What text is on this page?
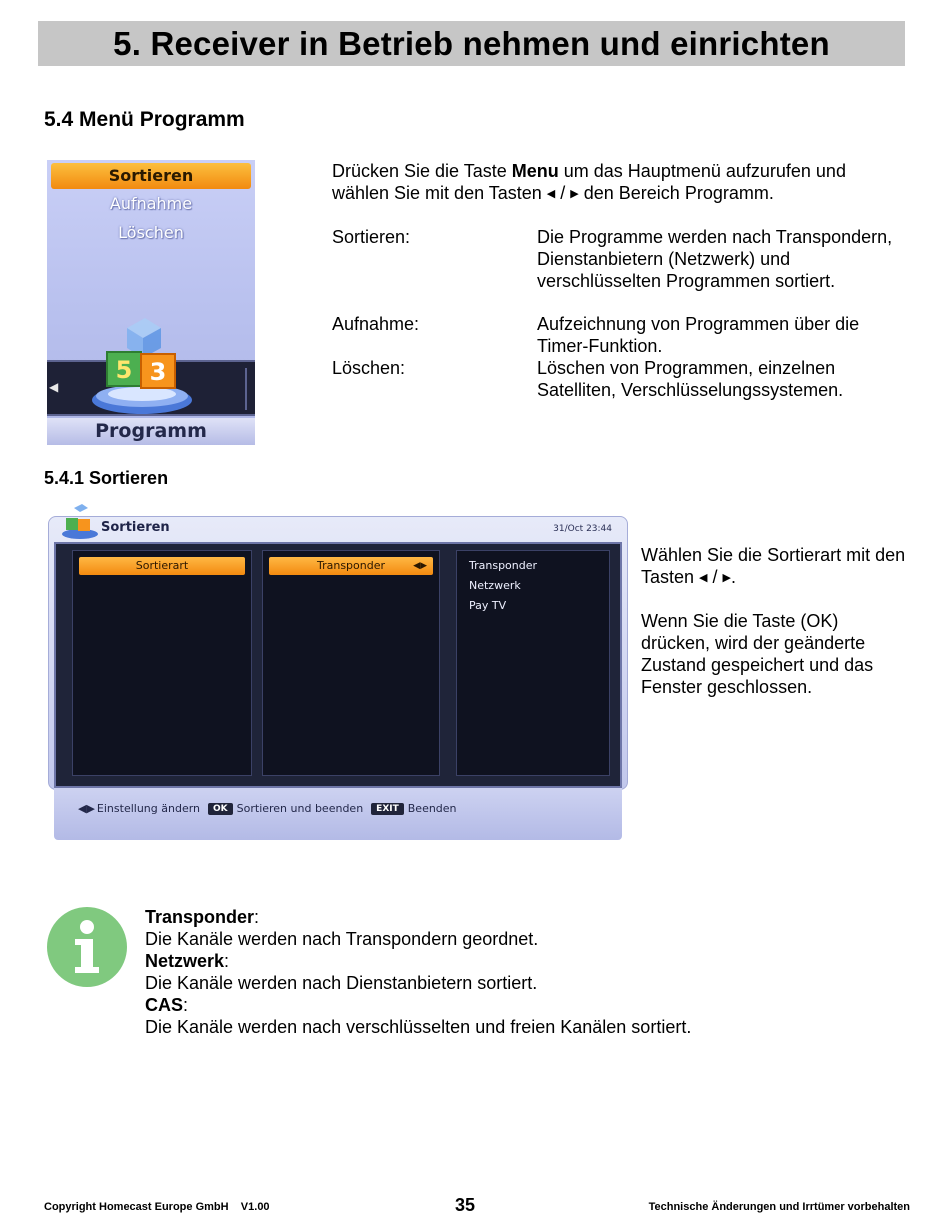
5. Receiver in Betrieb nehmen und einrichten
5.4 Menü Programm
Sortieren
Aufnahme
Löschen
◀
5 3
Programm
Drücken Sie die Taste Menu um das Hauptmenü aufzurufen und wählen Sie mit den Tasten ◀ / ▶ den Bereich Programm.
Sortieren:	Die Programme werden nach Transpondern, Dienstanbietern (Netzwerk) und verschlüsselten Programmen sortiert.
Aufnahme:	Aufzeichnung von Programmen über die Timer-Funktion.
Löschen:	Löschen von Programmen, einzelnen Satelliten, Verschlüsselungssystemen.
5.4.1 Sortieren
Sortieren	31/Oct 23:44
Sortierart	Transponder	◀▶	Transponder
Netzwerk
Pay TV
◀▶ Einstellung ändern	OK Sortieren und beenden	EXIT Beenden
Wählen Sie die Sortierart mit den Tasten ◀ / ▶.
Wenn Sie die Taste (OK) drücken, wird der geänderte Zustand gespeichert und das Fenster geschlossen.
Transponder:
Die Kanäle werden nach Transpondern geordnet.
Netzwerk:
Die Kanäle werden nach Dienstanbietern sortiert.
CAS:
Die Kanäle werden nach verschlüsselten und freien Kanälen sortiert.
Copyright Homecast Europe GmbH    V1.00	35	Technische Änderungen und Irrtümer vorbehalten
